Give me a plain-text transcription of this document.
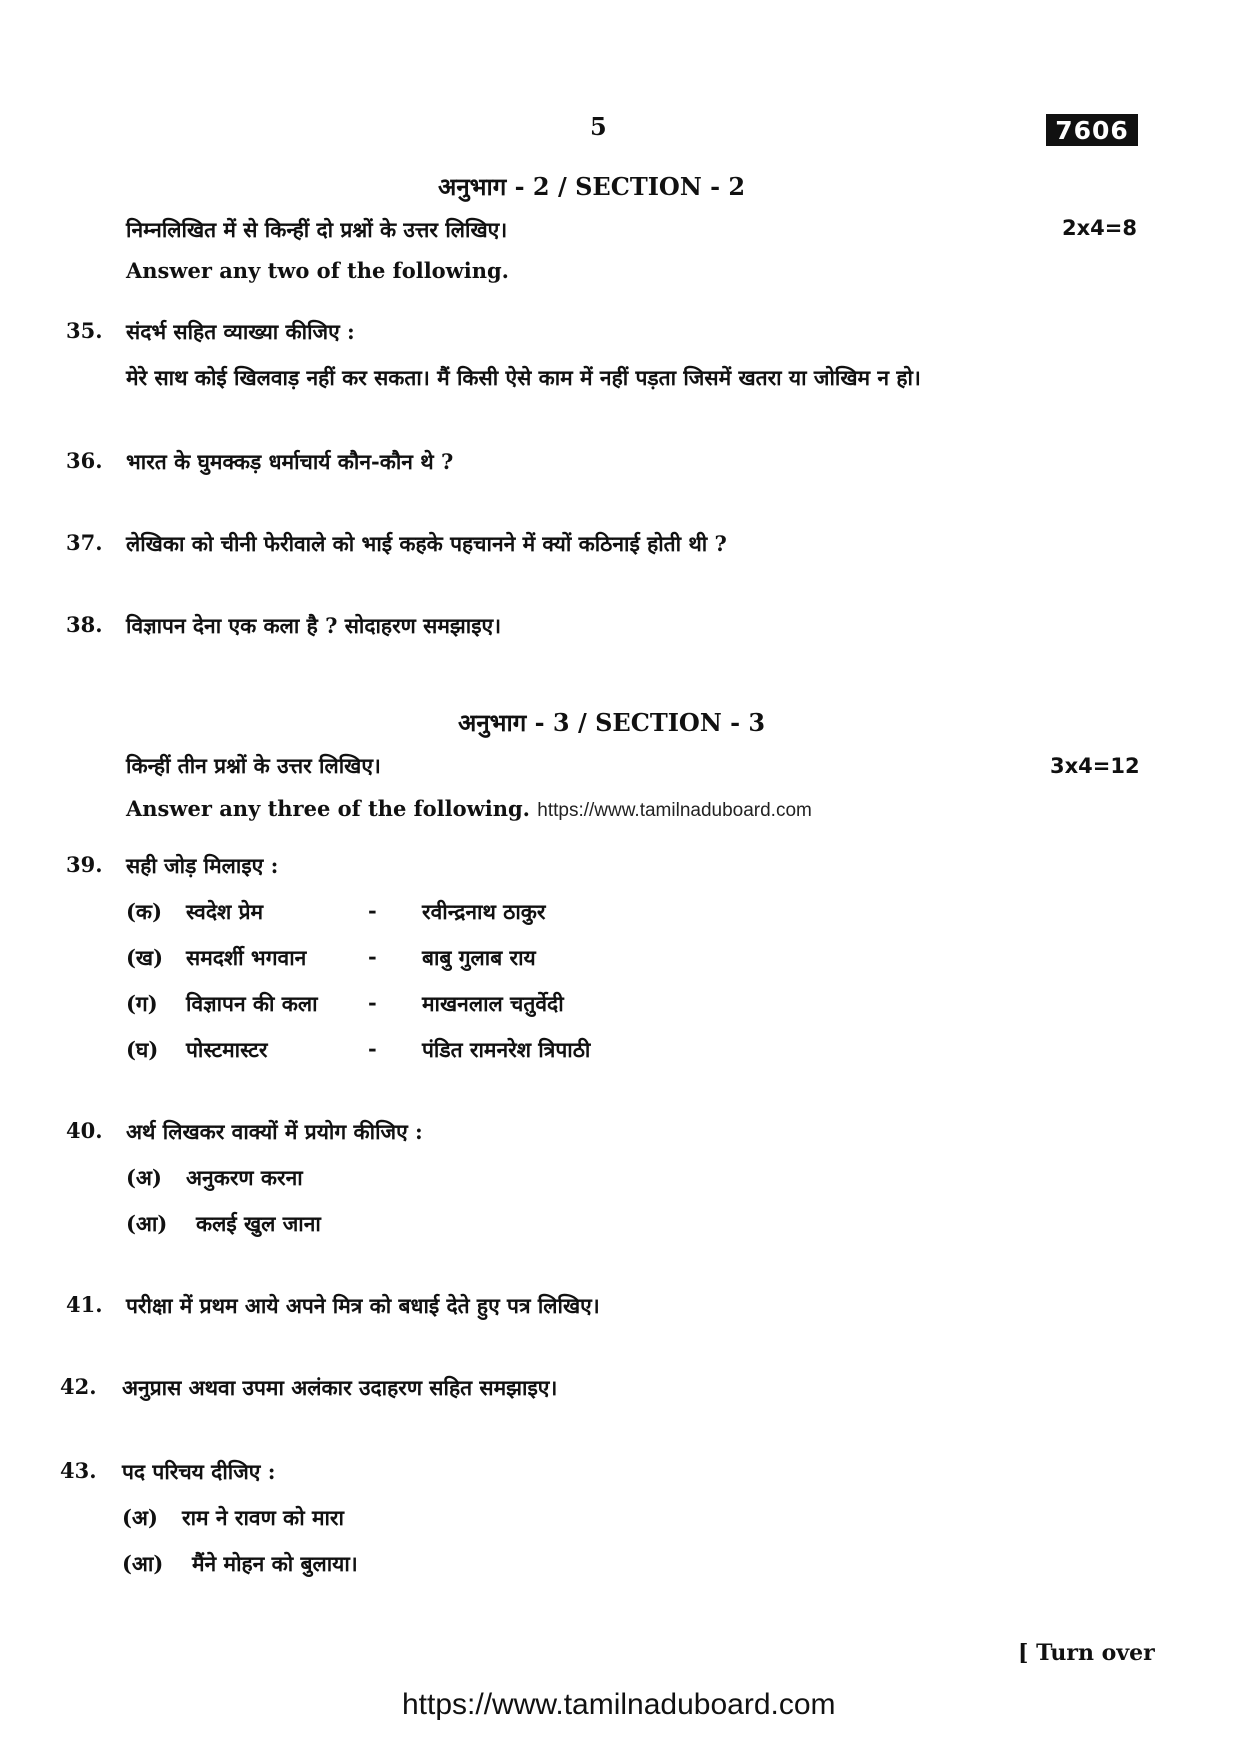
5	7606
अनुभाग - 2 / SECTION - 2
निम्नलिखित में से किन्हीं दो प्रश्नों के उत्तर लिखिए।	2x4=8
Answer any two of the following.
35. संदर्भ सहित व्याख्या कीजिए :
मेरे साथ कोई खिलवाड़ नहीं कर सकता। मैं किसी ऐसे काम में नहीं पड़ता जिसमें खतरा या जोखिम न हो।
36. भारत के घुमक्कड़ धर्माचार्य कौन-कौन थे ?
37. लेखिका को चीनी फेरीवाले को भाई कहके पहचानने में क्यों कठिनाई होती थी ?
38. विज्ञापन देना एक कला है ? सोदाहरण समझाइए।
अनुभाग - 3 / SECTION - 3
किन्हीं तीन प्रश्नों के उत्तर लिखिए।	3x4=12
Answer any three of the following. https://www.tamilnaduboard.com
39. सही जोड़ मिलाइए :
(क) स्वदेश प्रेम	- रवीन्द्रनाथ ठाकुर
(ख) समदर्शी भगवान	- बाबु गुलाब राय
(ग) विज्ञापन की कला - माखनलाल चतुर्वेदी
(घ) पोस्टमास्टर	- पंडित रामनरेश त्रिपाठी
40. अर्थ लिखकर वाक्यों में प्रयोग कीजिए :
(अ) अनुकरण करना
(आ) कलई खुल जाना
41. परीक्षा में प्रथम आये अपने मित्र को बधाई देते हुए पत्र लिखिए।
42. अनुप्रास अथवा उपमा अलंकार उदाहरण सहित समझाइए।
43. पद परिचय दीजिए :
(अ) राम ने रावण को मारा
(आ) मैंने मोहन को बुलाया।
[ Turn over
https://www.tamilnaduboard.com
